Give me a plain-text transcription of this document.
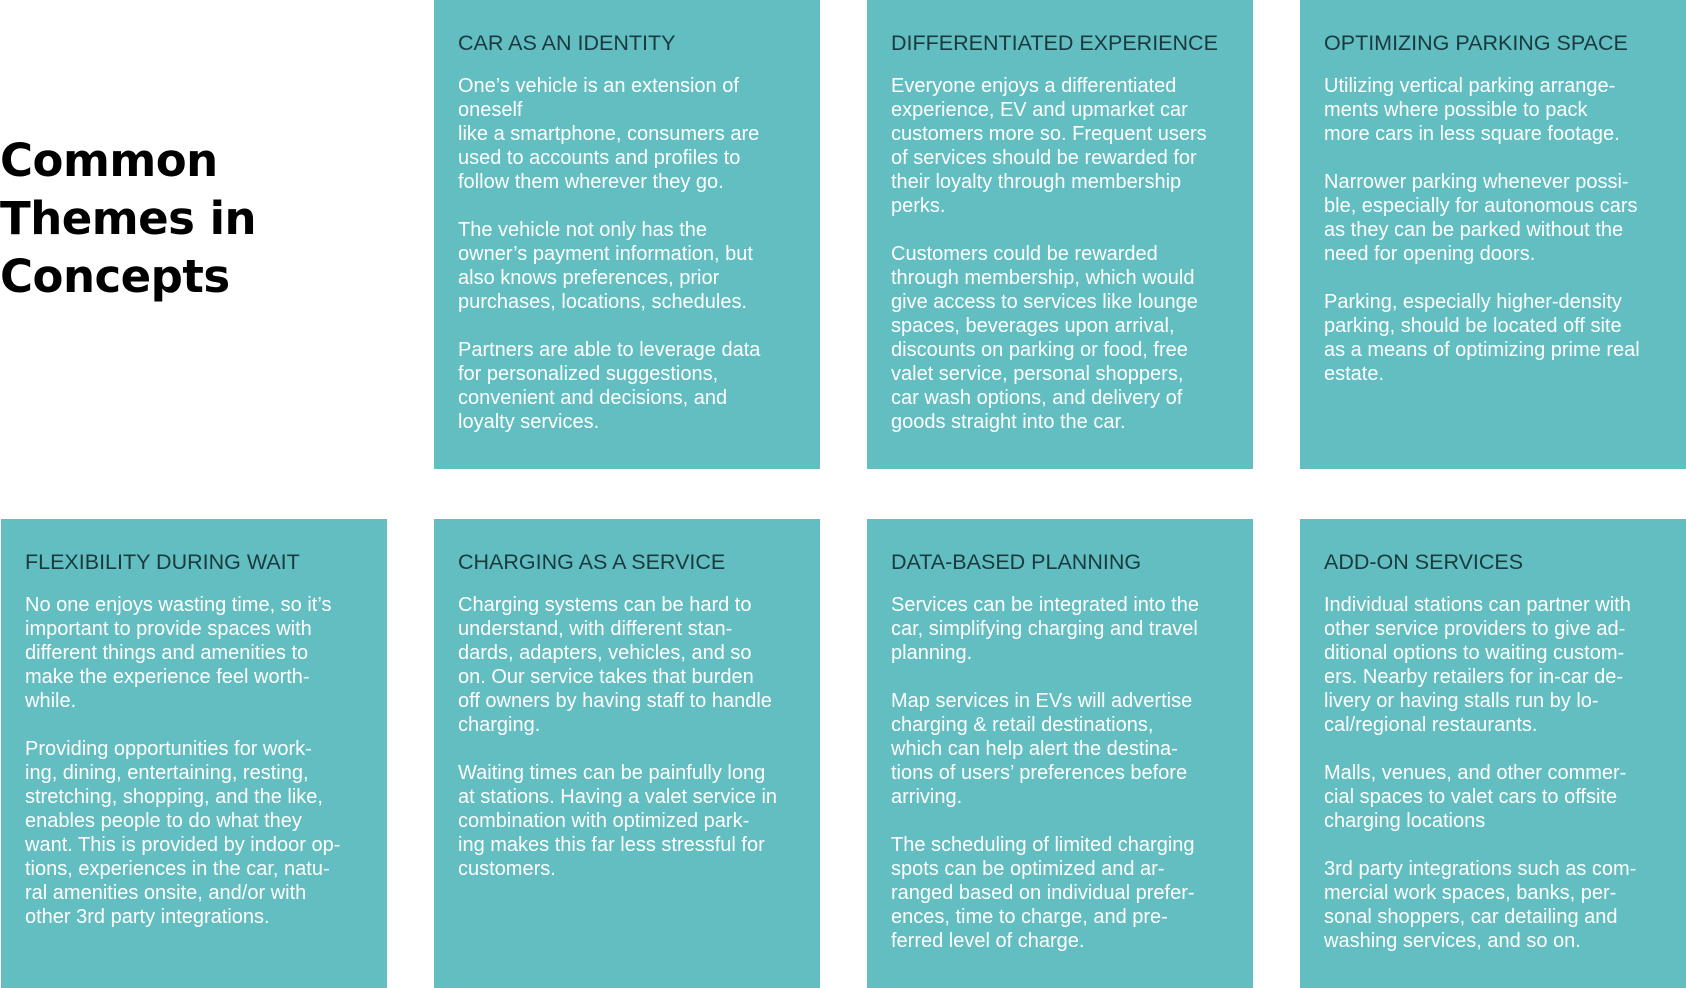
Common
Themes in
Concepts
CAR AS AN IDENTITY

One’s vehicle is an extension of
oneself
like a smartphone, consumers are
used to accounts and profiles to
follow them wherever they go.

The vehicle not only has the
owner’s payment information, but
also knows preferences, prior
purchases, locations, schedules.

Partners are able to leverage data
for personalized suggestions,
convenient and decisions, and
loyalty services.

DIFFERENTIATED EXPERIENCE

Everyone enjoys a differentiated
experience, EV and upmarket car
customers more so. Frequent users
of services should be rewarded for
their loyalty through membership
perks.

Customers could be rewarded
through membership, which would
give access to services like lounge
spaces, beverages upon arrival,
discounts on parking or food, free
valet service, personal shoppers,
car wash options, and delivery of
goods straight into the car.

OPTIMIZING PARKING SPACE

Utilizing vertical parking arrange-
ments where possible to pack
more cars in less square footage.

Narrower parking whenever possi-
ble, especially for autonomous cars
as they can be parked without the
need for opening doors.

Parking, especially higher-density
parking, should be located off site
as a means of optimizing prime real
estate.

FLEXIBILITY DURING WAIT

No one enjoys wasting time, so it’s
important to provide spaces with
different things and amenities to
make the experience feel worth-
while.

Providing opportunities for work-
ing, dining, entertaining, resting,
stretching, shopping, and the like,
enables people to do what they
want. This is provided by indoor op-
tions, experiences in the car, natu-
ral amenities onsite, and/or with
other 3rd party integrations.

CHARGING AS A SERVICE

Charging systems can be hard to
understand, with different stan-
dards, adapters, vehicles, and so
on. Our service takes that burden
off owners by having staff to handle
charging.

Waiting times can be painfully long
at stations. Having a valet service in
combination with optimized park-
ing makes this far less stressful for
customers.

DATA-BASED PLANNING

Services can be integrated into the
car, simplifying charging and travel
planning.

Map services in EVs will advertise
charging & retail destinations,
which can help alert the destina-
tions of users’ preferences before
arriving.

The scheduling of limited charging
spots can be optimized and ar-
ranged based on individual prefer-
ences, time to charge, and pre-
ferred level of charge.

ADD-ON SERVICES

Individual stations can partner with
other service providers to give ad-
ditional options to waiting custom-
ers. Nearby retailers for in-car de-
livery or having stalls run by lo-
cal/regional restaurants.

Malls, venues, and other commer-
cial spaces to valet cars to offsite
charging locations

3rd party integrations such as com-
mercial work spaces, banks, per-
sonal shoppers, car detailing and
washing services, and so on.
